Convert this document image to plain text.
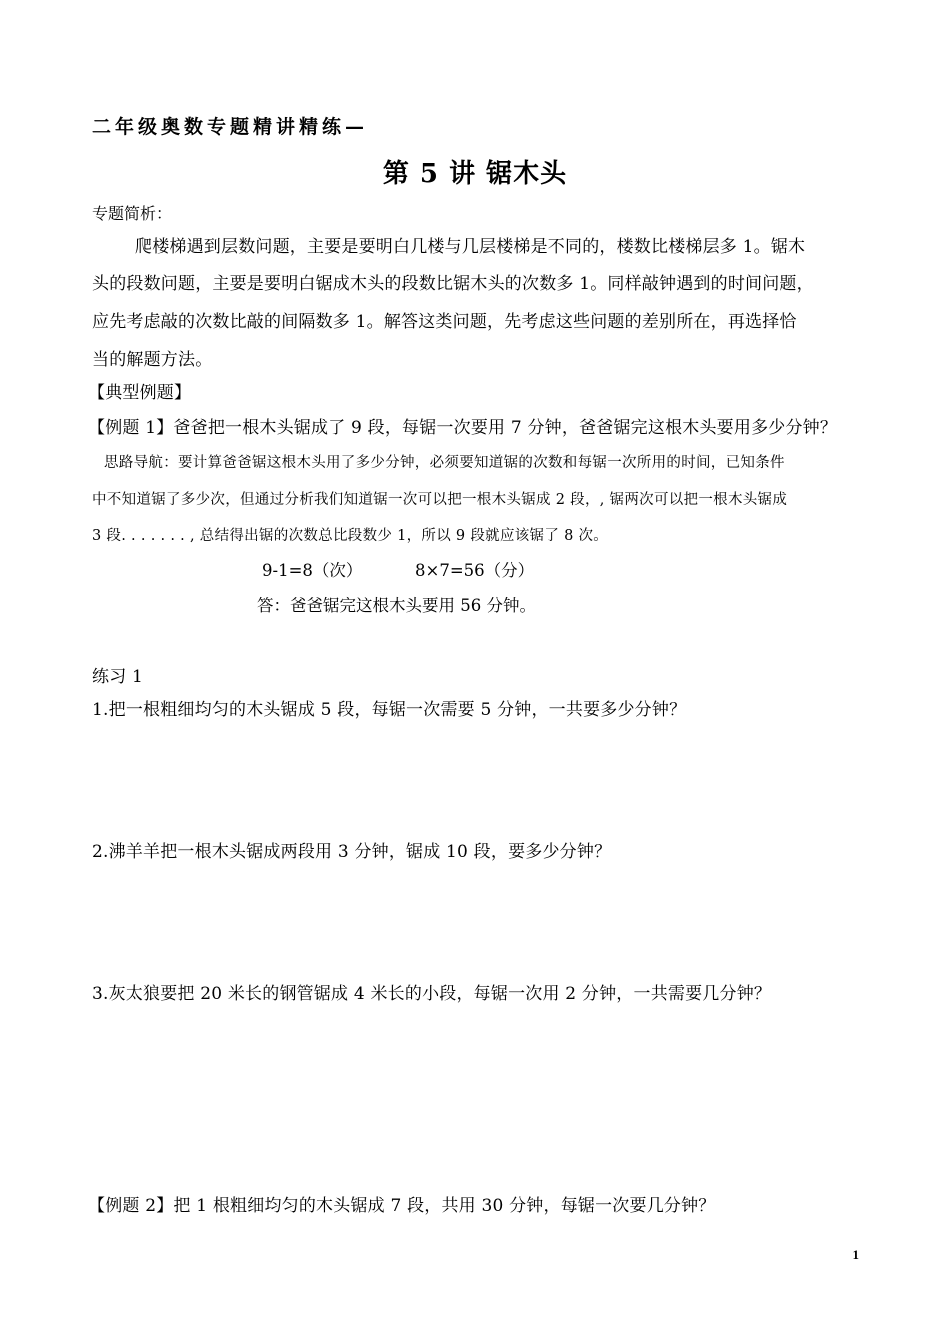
二年级奥数专题精讲精练—
第 5 讲 锯木头
专题简析：
爬楼梯遇到层数问题，主要是要明白几楼与几层楼梯是不同的，楼数比楼梯层多 1。锯木
头的段数问题，主要是要明白锯成木头的段数比锯木头的次数多 1。同样敲钟遇到的时间问题，
应先考虑敲的次数比敲的间隔数多 1。解答这类问题，先考虑这些问题的差别所在，再选择恰
当的解题方法。
【典型例题】
【例题 1】爸爸把一根木头锯成了 9 段，每锯一次要用 7 分钟，爸爸锯完这根木头要用多少分钟？
思路导航：要计算爸爸锯这根木头用了多少分钟，必须要知道锯的次数和每锯一次所用的时间，已知条件
中不知道锯了多少次，但通过分析我们知道锯一次可以把一根木头锯成 2 段，, 锯两次可以把一根木头锯成
3 段. . . . . . . , 总结得出锯的次数总比段数少 1，所以 9 段就应该锯了 8 次。
9-1=8（次）	8×7=56（分）
答：爸爸锯完这根木头要用 56 分钟。
练习 1
1.把一根粗细均匀的木头锯成 5 段，每锯一次需要 5 分钟，一共要多少分钟？
2.沸羊羊把一根木头锯成两段用 3 分钟，锯成 10 段，要多少分钟？
3.灰太狼要把 20 米长的钢管锯成 4 米长的小段，每锯一次用 2 分钟，一共需要几分钟？
【例题 2】把 1 根粗细均匀的木头锯成 7 段，共用 30 分钟，每锯一次要几分钟？
1
